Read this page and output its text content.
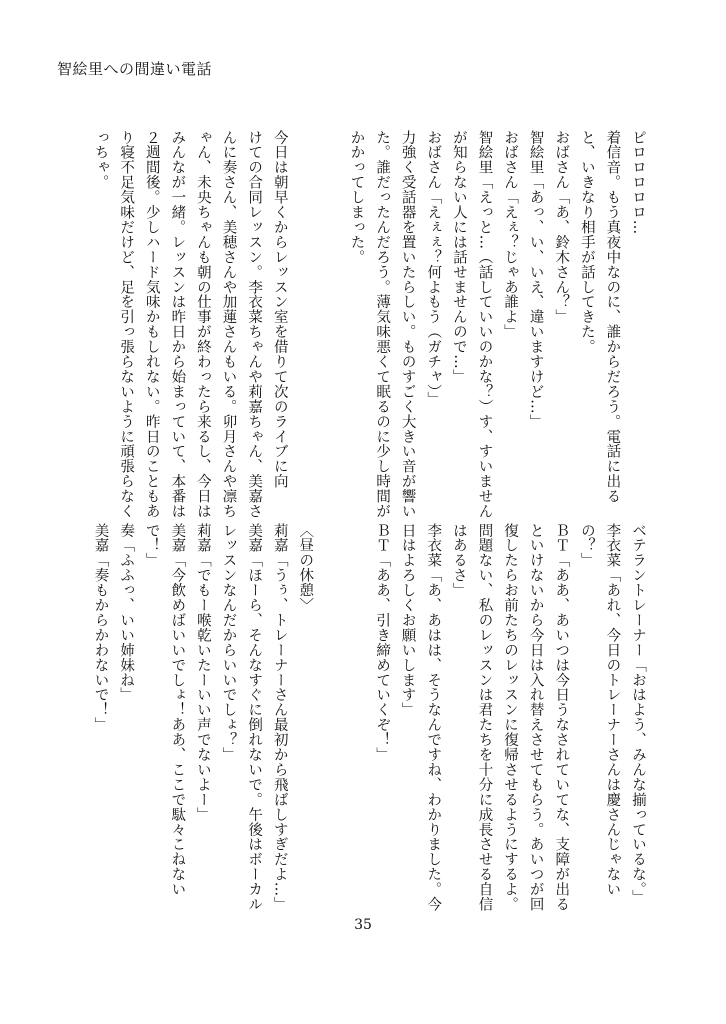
智絵里への間違い電話

ピロロロロロ…

着信音。もう真夜中なのに、誰からだろう。電話に出る

と、いきなり相手が話してきた。

おばさん「あ、鈴木さん？」

智絵里「あっ、い、いえ、違いますけど…」

おばさん「えぇ？じゃあ誰よ」

智絵里「えっと…（話していいのかな？）す、すいません

が知らない人には話せませんので…」

おばさん「えぇぇ？何よもう（ガチャ）」

力強く受話器を置いたらしい。ものすごく大きい音が響い

た。誰だったんだろう。薄気味悪くて眠るのに少し時間が

かかってしまった。

今日は朝早くからレッスン室を借りて次のライブに向

けての合同レッスン。李衣菜ちゃんや莉嘉ちゃん、美嘉さ

んに奏さん、美穂さんや加蓮さんもいる。卯月さんや凛ち

ゃん、未央ちゃんも朝の仕事が終わったら来るし、今日は

みんなが一緒。レッスンは昨日から始まっていて、本番は

２週間後。少しハード気味かもしれない。昨日のこともあ

り寝不足気味だけど、足を引っ張らないように頑張らなく

っちゃ。

ベテラントレーナー「おはよう、みんな揃っているな。」

李衣菜「あれ、今日のトレーナーさんは慶さんじゃない

の？」

ＢＴ「ああ、あいつは今日うなされていてな、支障が出る

といけないから今日は入れ替えさせてもらう。あいつが回

復したらお前たちのレッスンに復帰させるようにするよ。

問題ない、私のレッスンは君たちを十分に成長させる自信

はあるさ」

李衣菜「あ、あはは、そうなんですね、わかりました。今

日はよろしくお願いします」

ＢＴ「ああ、引き締めていくぞ！」

〈昼の休憩〉

莉嘉「うぅ、トレーナーさん最初から飛ばしすぎだよ…」

美嘉「ほーら、そんなすぐに倒れないで。午後はボーカル

レッスンなんだからいいでしょ？」

莉嘉「でもー喉乾いたーいい声でないよー」

美嘉「今飲めばいいでしょ！ああ、ここで駄々こねない

で！」

奏「ふふっ、いい姉妹ね」

美嘉「奏もからかわないで！」

35
